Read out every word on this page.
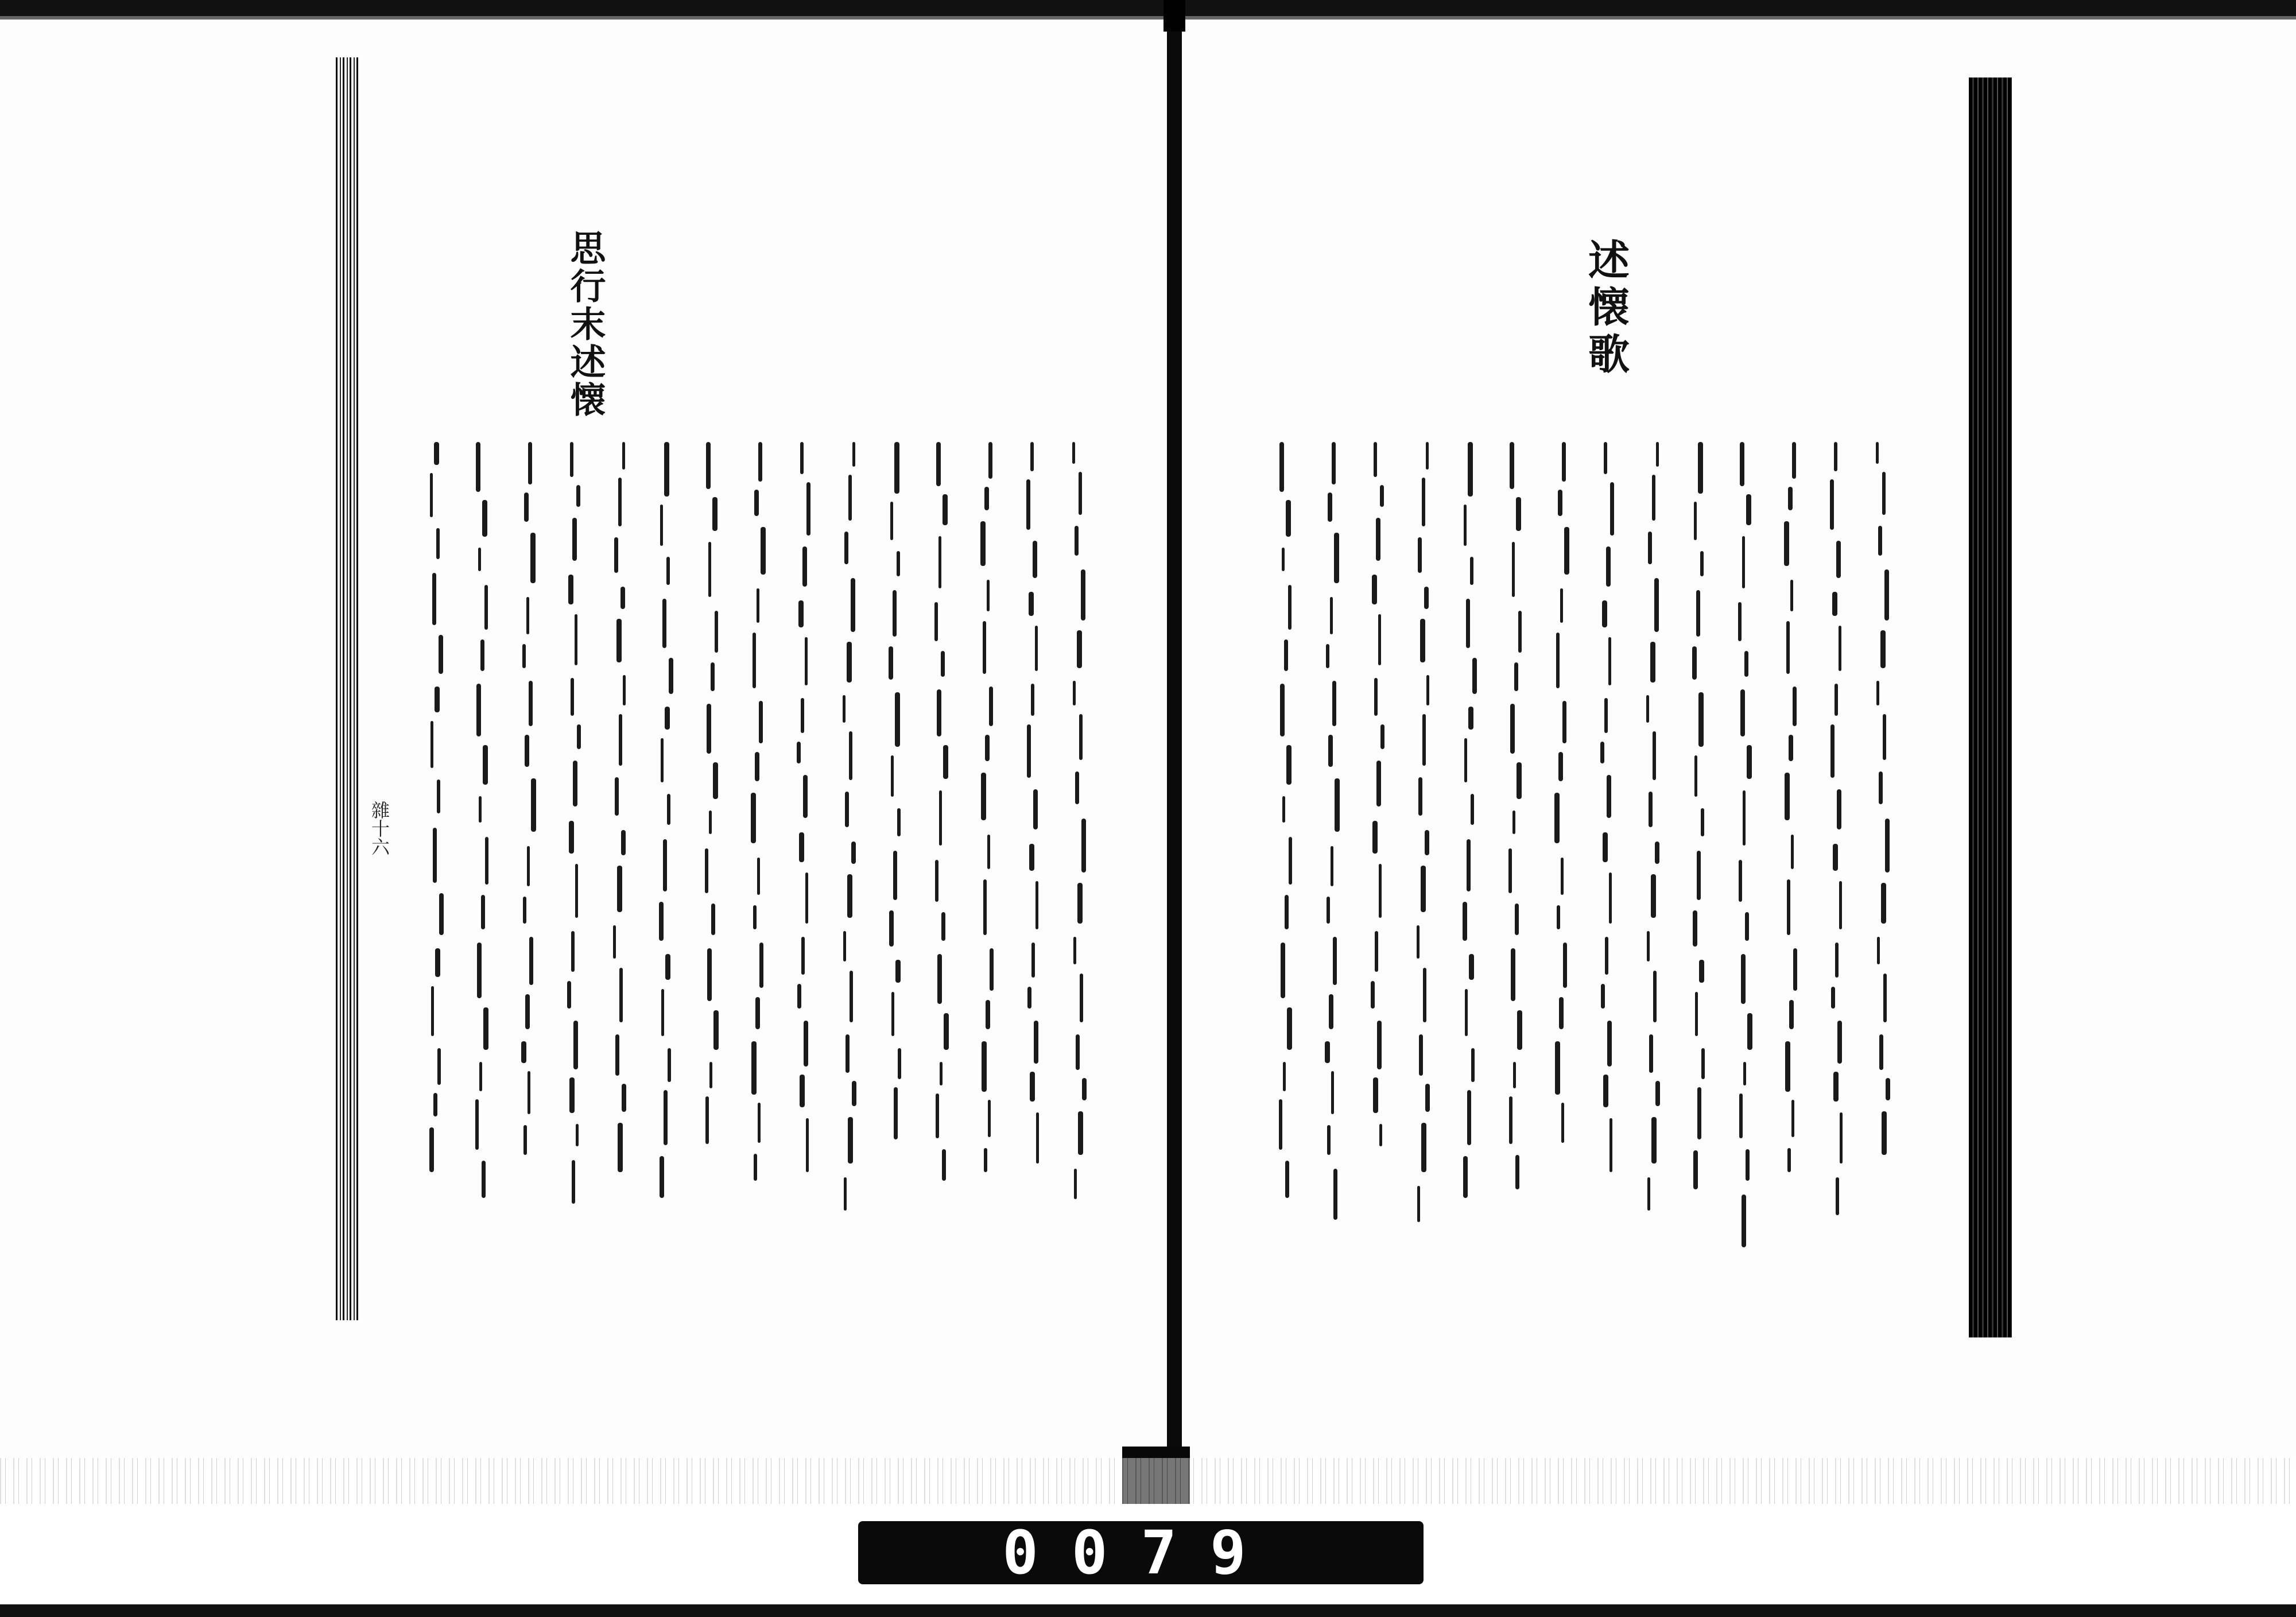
思行末述懐
雜十六
述懐歌
0079
